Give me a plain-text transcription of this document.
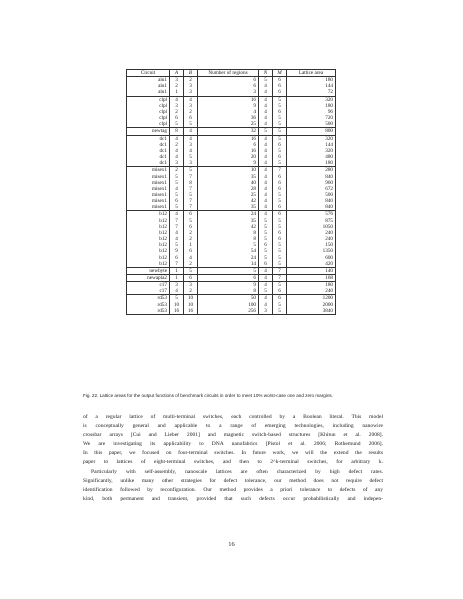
Circuit	A	B	Number of regions	N	M	Lattice area
alu1	3	2	6	5	6	180
alu1	2	3	6	4	6	144
alu1	1	3	3	4	6	72
clpl	4	4	16	4	5	320
clpl	3	3	9	4	5	180
clpl	2	2	4	4	6	96
clpl	6	6	36	4	5	720
clpl	5	5	25	4	5	500
newtag	8	4	32	5	5	800
dc1	4	4	16	4	5	320
dc1	2	3	6	4	6	144
dc1	4	4	16	4	5	320
dc1	4	5	20	4	6	480
dc1	3	3	9	4	5	180
misex1	2	5	10	4	7	280
misex1	5	7	35	4	6	840
misex1	5	8	40	4	6	960
misex1	4	7	28	4	6	672
misex1	5	5	25	4	5	500
misex1	6	7	42	4	5	840
misex1	5	7	35	4	6	840
b12	4	6	24	4	6	576
b12	7	5	35	5	5	875
b12	7	6	42	5	5	1050
b12	4	2	8	5	6	240
b12	4	2	8	5	6	240
b12	5	1	5	6	5	150
b12	9	6	54	5	5	1350
b12	6	4	24	5	5	600
b12	7	2	14	6	5	420
newbyte	1	5	5	4	7	140
newapla2	1	6	6	4	7	168
c17	3	3	9	4	5	180
c17	4	2	8	5	6	240
rd53	5	10	50	4	6	1200
rd53	10	10	100	4	5	2000
rd53	16	16	256	3	5	3840
Fig. 22. Lattice areas for the output functions of benchmark circuits in order to meet 10% worst-case one and zero margins.
of a regular lattice of multi-terminal switches, each controlled by a Boolean literal. This model
is conceptually general and applicable to a range of emerging technologies, including nanowire
crossbar arrays [Cui and Lieber 2001] and magnetic switch-based structures [Khitun et al. 2008].
We are investigating its applicability to DNA nanofabrics [Pistol et al. 2006; Rothemund 2006].
In this paper, we focused on four-terminal switches. In future work, we will the extend the results
paper to lattices of eight-terminal switches, and then to 2^k-terminal switches, for arbitrary k.
Particularly with self-assembly, nanoscale lattices are often characterized by high defect rates.
Significantly, unlike many other strategies for defect tolerance, our method does not require defect
identification followed by reconfiguration. Our method provides a priori tolerance to defects of any
kind, both permanent and transient, provided that such defects occur probabilistically and indepen-
16
